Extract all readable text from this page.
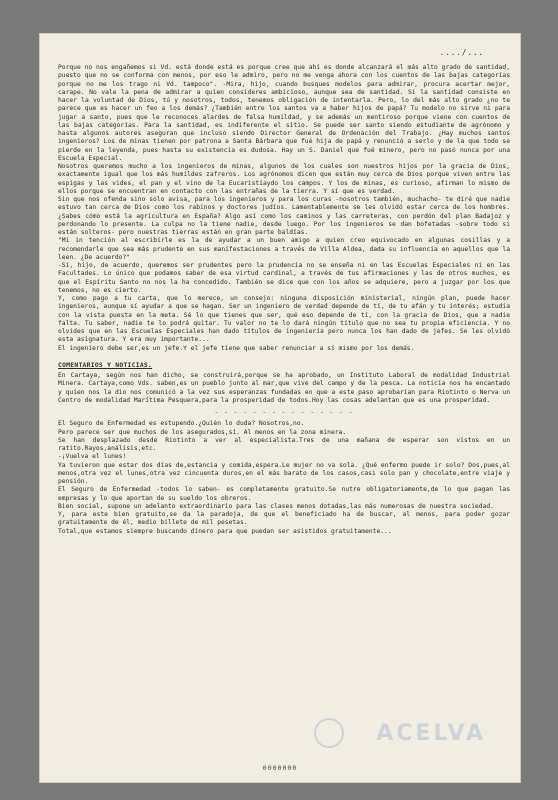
..../...

Porque no nos engañemos si Vd. está donde está es porque cree que ahí es donde alcanzará el más alto grado de santidad, puesto que no se conforma con menos, por eso le admiro, pero no me venga ahora con los cuentos de las bajas categorías porque no me los trago ni Vd. tampoco". -Mira, hijo, cuando busques modelos para admirar, procura acertar mejor, carape. No vale la pena de admirar a quien consideres ambicioso, aunque sea de santidad. Si la santidad consiste en hacer la voluntad de Dios, tú y nosotros, todos, tenemos obligación de intentarla. Pero, lo del más alto grado ¿no te parece que es hacer un feo a los demás? ¿También entre los santos va a haber hijos de papá? Tu modelo no sirve ni para jugar a santo, pues que le reconoces alardes de falsa humildad, y se además un mentiroso porque viene con cuentos de las bajas categorías. Para la santidad, es indiferente el sitio. Se puede ser santo siendo estudiante de agrónomo y hasta algunos autores aseguran que incluso siendo Director General de Ordenación del Trabajo. ¿Hay muchos santos ingenieros? Los de minas tienen por patrona a Santa Bárbara que fué hija de papá y renunció a serlo y de la que todo se pierde en la leyenda, pues hasta su existencia es dudosa. Hay un S. Daniel que fué minero, pero no pasó nunca por una Escuela Especial.

Nosotros queremos mucho a los ingenieros de minas, algunos de los cuales son nuestros hijos por la gracia de Dios, exactamente igual que los más humildes zafreros. Los agrónomos dicen que están muy cerca de Dios porque viven entre las espigas y las vides, el pan y el vino de la Eucaristíaydo los campos. Y los de minas, es curioso, afirman lo mismo de ellos porque se encuentran en contacto con las entrañas de la tierra. Y sí que es verdad.

Sin que nos ofenda sino solo avisa, para los ingenieros y para los curas -nosotros también, muchacho- te diré que nadie estuvo tan cerca de Dios como los rabinos y doctores judíos. Lamentablemente se les olvidó estar cerca de los hombres. ¿Sabes cómo está la agricultura en España? Algo así como los caminos y las carreteras, con perdón del plan Badajoz y perdonando lo presente. La culpa no la tiene nadie, desde luego. Por los ingenieros se dan bofetadas -sobre todo si están solteros- pero nuestras tierras están en gran parte baldías.

"Mi in tención al escribirle es la de ayudar a un buen amigo a quien creo equivocado en algunas cosillas y a recomendarle que sea más prudente en sus manifestaciones a través de Villa Aldea, dada su influencia en aquellos que la leen. ¿De acuerdo?"

-Sí, hijo, de acuerdo, queremos ser prudentes pero la prudencia no se enseña ni en las Escuelas Especiales ni en las Facultades. Lo único que podamos saber de esa virtud cardinal, a través de tus afirmaciones y las de otros muchos, es que el Espíritu Santo no nos la ha concedido. También se dice que con los años se adquiere, pero a juzgar por los que tenemos, no es cierto.

Y, como pago a tu carta, que lo merece, un consejo: ninguna disposición ministerial, ningún plan, puede hacer ingenieros, aunque sí ayudar a que se hagan. Ser un ingeniero de verdad depende de tí, de tu afán y tu interés; estudia con la vista puesta en la meta. Sé lo que tienes que ser, qué eso depende de tí, con la gracia de Dios, que a nadie falta. Tu saber, nadie te lo podrá quitar. Tu valor no te lo dará ningún título que no sea tu propia eficiencia. Y no olvides que en las Escuelas Especiales han dado títulos de ingeniería pero nunca los han dado de jefes. Se les olvidó esta asignatura. Y era muy importante...

El ingeniero debe ser,es un jefe.Y el jefe tiene que saber renunciar a sí mismo por los demás.

COMENTARIOS Y NOTICIAS.

En Cartaya, según nos han dicho, se construirá,porque se ha aprobado, un Instituto Laboral de modalidad Industrial Minera. Cartaya,como Vds. saben,es un pueblo junto al mar,que vive del campo y de la pesca. La noticia nos ha encantado y quien nos la dio nos comunicó a la vez sus esperanzas fundadas en que a este paso aprobarían para Riotinto o Nerva un Centro de modalidad Marítima Pesquera,para la prosperidad de todos.Hoy las cosas adelantan que es una prosperidad.

- - - - - - - - - - - - - - -

El Seguro de Enfermedad es estupendo.¿Quién lo duda? Nosotros,no.

Pero parece ser que muchos de los asegurados,sí. Al menos en la zona minera.

Se han desplazado desde Riotinto a ver al especialista.Tres de una mañana de esperar son vistos en un ratito.Rayos,análisis,etc.

-¡Vuelva el lunes!

Ya tuvieron que estar dos días de,estancia y comida,espera.Le mujer no va sola. ¿Qué enfermo puede ir solo? Dos,pues,al menos,otra vez el lunes,otra vez cincuenta duros,en el más barato de los casos,casi solo pan y chocolate,entre viaje y pensión.

El Seguro de Enfermedad -todos lo saben- es completamente gratuito.Se nutre obligatoriamente,de lo que pagan las empresas y lo que aportan de su sueldo los obreros.

Bien social, supone un adelanto extraordinario para las clases menos dotadas,las más numerosas de nuestra sociedad.

Y, para este bien gratuito,se da la paradoja, de que el beneficiado ha de buscar, al menos, para poder gozar gratuitamente de él, medio billete de mil pesetas.

Total,que estamos siempre buscando dinero para que puedan ser asistidos gratuitamente...

ACELVA
0000000
